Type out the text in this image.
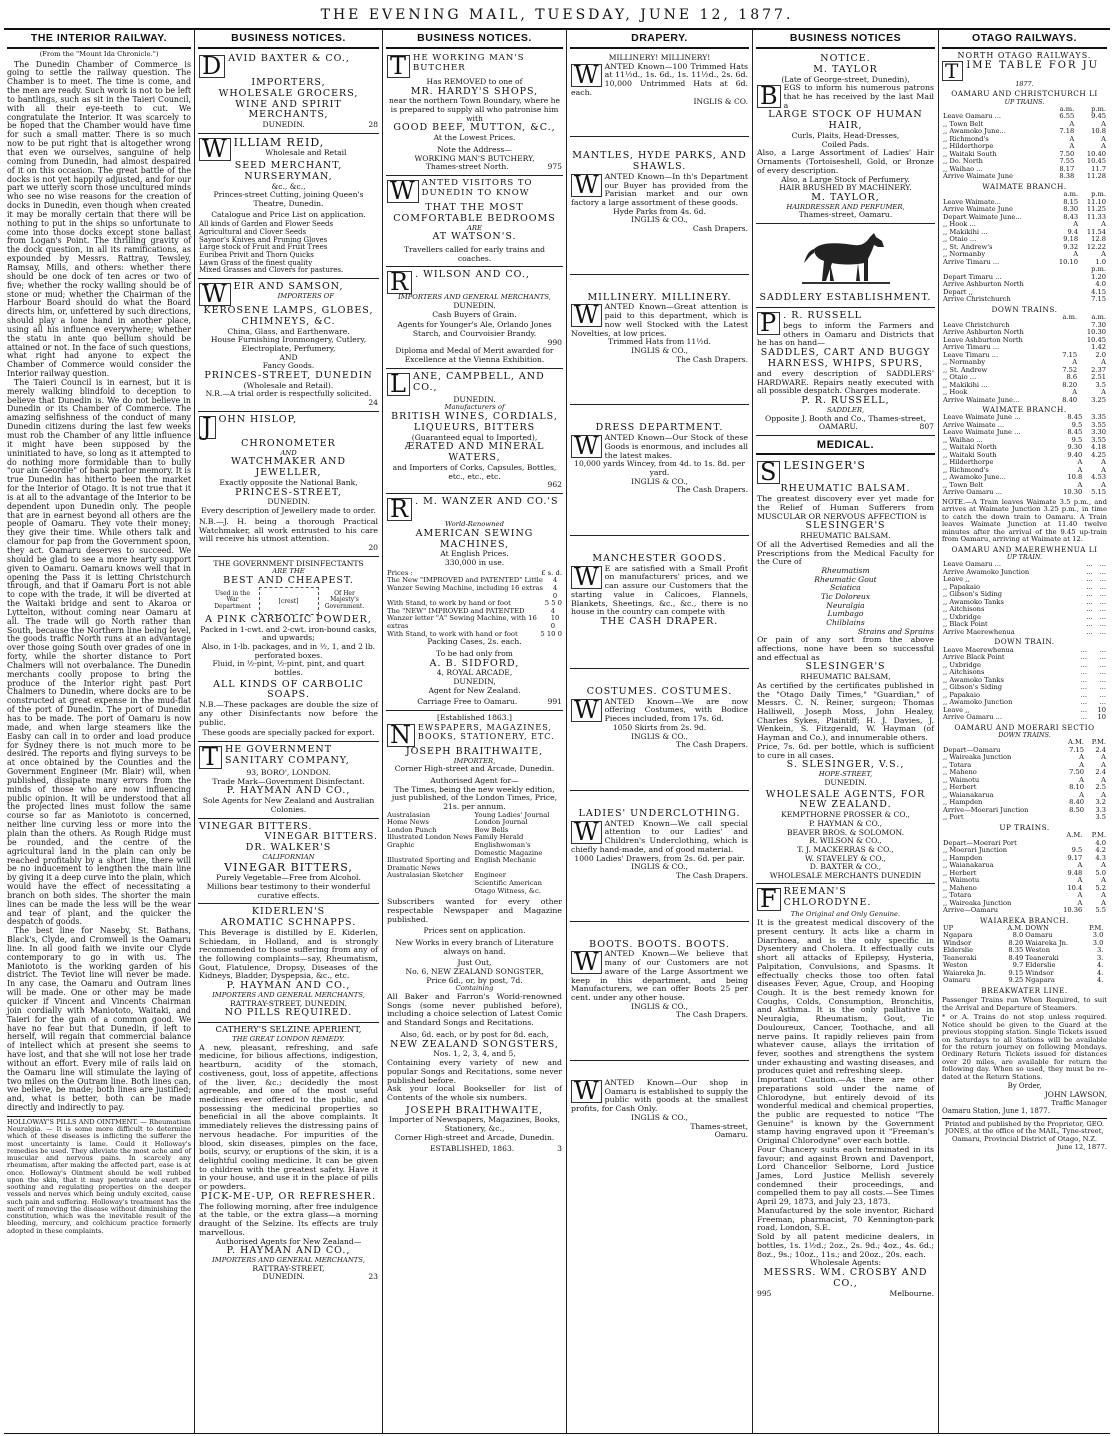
THE EVENING MAIL, TUESDAY, JUNE 12, 1877.
THE INTERIOR RAILWAY.

(From the "Mount Ida Chronicle.")

The Dunedin Chamber of Commerce is going to settle the railway question. The Chamber is to meet. The time is come, and the men are ready. Such work is not to be left to bantlings, such as sit in the Taieri Council, with all their eye-teeth to cut. We congratulate the Interior. It was scarcely to be hoped that the Chamber would have time for such a small matter. There is so much now to be put right that is altogether wrong that even we ourselves, sanguine of help coming from Dunedin, had almost despaired of it on this occasion. The great battle of the docks is not yet happily adjusted, and for our part we utterly scorn those uncultured minds who see no wise reasons for the creation of docks in Dunedin, even though when created it may be morally certain that there will be nothing to put in the ships so unfortunate to come into those docks except stone ballast from Logan's Point. The thrilling gravity of the dock question, in all its ramifications, as expounded by Messrs. Rattray, Tewsley, Ramsay, Mills, and others: whether there should be one dock of ten acres or two of five; whether the rocky walling should be of stone or mud; whether the Chairman of the Harbour Board should do what the Board directs him, or, unfettered by such directions, should play a lone hand in another place, using all his influence everywhere; whether the statu in ante quo bellum should be attained or not. In the face of such questions, what right had anyone to expect the Chamber of Commerce would consider the Interior railway question.

The Taieri Council is in earnest, but it is merely walking blindfold to deception to believe that Dunedin is. We do not believe in Dunedin or its Chamber of Commerce. The amazing selfishness of the conduct of many Dunedin citizens during the last few weeks must rob the Chamber of any little influence it might have been supposed by the uninitiated to have, so long as it attempted to do nothing more formidable than to bully "our ain Geordie" of bank parlor memory. It is true Dunedin has hitherto been the market for the Interior of Otago. It is not true that it is at all to the advantage of the Interior to be dependent upon Dunedin only. The people that are in earnest beyond all others are the people of Oamaru. They vote their money; they give their time. While others talk and clamour for pap from the Government spoon, they act. Oamaru deserves to succeed. We should be glad to see a more hearty support given to Oamaru. Oamaru knows well that in opening the Pass it is letting Christchurch through, and that if Oamaru Port is not able to cope with the trade, it will be diverted at the Waitaki bridge and sent to Akaroa or Lyttelton, without coming near Oamaru at all. The trade will go North rather than South, because the Northern line being level, the goods traffic North runs at an advantage over those going South over grades of one in forty, while the shorter distance to Port Chalmers will not overbalance. The Dunedin merchants coolly propose to bring the produce of the Interior right past Port Chalmers to Dunedin, where docks are to be constructed at great expense in the mud-flat of the port of Dunedin. The port of Dunedin has to be made. The port of Oamaru is now made, and when large steamers like the Easby can call in to order and load produce for Sydney there is not much more to be desired. The reports and flying surveys to be at once obtained by the Counties and the Government Engineer (Mr. Blair) will, when published, dissipate many errors from the minds of those who are now influencing public opinion. It will be understood that all the projected lines must follow the same course so far as Maniototo is concerned, neither line curving less or more into the plain than the others. As Rough Ridge must be rounded, and the centre of the agricultural land in the plain can only be reached profitably by a short line, there will be no inducement to lengthen the main line by giving it a deep curve into the plain, which would have the effect of necessitating a branch on both sides. The shorter the main lines can be made the less will be the wear and tear of plant, and the quicker the despatch of goods.

The best line for Naseby, St. Bathans, Black's, Clyde, and Cromwell is the Oamaru line. In all good faith we invite our Clyde contemporary to go in with us. The Maniototo is the working garden of his district. The Teviot line will never be made. In any case, the Oamaru and Outram lines will be made. One or other may be made quicker if Vincent and Vincents Chairman join cordially with Maniototo, Waitaki, and Taieri for the gain of a common good. We have no fear but that Dunedin, if left to herself, will regain that commercial balance of intellect which at present she seems to have lost, and that she will not lose her trade without an effort. Every mile of rails laid on the Oamaru line will stimulate the laying of two miles on the Outram line. Both lines can, we believe, be made; both lines are justified; and, what is better, both can be made directly and indirectly to pay.

HOLLOWAY'S PILLS AND OINTMENT. — Rheumatism Neuralgia. — It is some more difficult to determine which of these diseases is inflicting the sufferer the most uncertainty is lame. Could it Holloway's remedies be used. They alleviate the most ache and of muscular and nervous pains. In scarcely any rheumatism, after making the affected part, ease is at once. Holloway's Ointment should be well rubbed upon the skin, that it may penetrate and exert its soothing and regulating properties on the deeper vessels and nerves which being unduly excited, cause such pain and suffering. Holloway's treatment has the merit of removing the disease without diminishing the constitution, which was the inevitable result of the bleeding, mercury, and colchicum practice formerly adopted in these complaints.

BUSINESS NOTICES.
D AVID BAXTER & CO.,
IMPORTERS,
WHOLESALE GROCERS,
WINE AND SPIRIT MERCHANTS,
DUNEDIN.	28
W ILLIAM REID,
Wholesale and Retail
SEED MERCHANT, NURSERYMAN,
&c., &c.,
Princes-street Cutting, joining Queen's Theatre, Dunedin.
Catalogue and Price List on application.
All kinds of Garden and Flower Seeds
Agricultural and Clover Seeds
Saynor's Knives and Pruning Gloves
Large stock of Fruit and Fruit Trees
Euribea Privit and Thorn Quicks
Lawn Grass of the finest quality
Mixed Grasses and Clovers for pastures.
W EIR AND SAMSON,
IMPORTERS OF
KEROSENE LAMPS, GLOBES, CHIMNEYS, &C.
China, Glass, and Earthenware.
House Furnishing Ironmongery, Cutlery, Electroplate, Perfumery,
AND
Fancy Goods.
PRINCES-STREET, DUNEDIN
(Wholesale and Retail).
N.R.—A trial order is respectfully solicited.
24
J OHN HISLOP,
CHRONOMETER
AND
WATCHMAKER AND JEWELLER,
Exactly opposite the National Bank,
PRINCES-STREET,
DUNEDIN.
Every description of Jewellery made to order.
N.B.—J. H. being a thorough Practical Watchmaker, all work entrusted to his care will receive his utmost attention.
20
THE GOVERNMENT DISINFECTANTS
ARE THE
BEST AND CHEAPEST.
Used in the War Department
[crest]
Of Her Majesty's Government.
A PINK CARBOLIC POWDER,
Packed in 1-cwt. and 2-cwt. iron-bound casks, and upwards;
Also, in 1-lb. packages, and in ½, 1, and 2 lb. perforated boxes.
Fluid, in ½-pint, ½-pint, pint, and quart bottles.
ALL KINDS OF CARBOLIC SOAPS.
N.B.—These packages are double the size of any other Disinfectants now before the public.
These goods are specially packed for export.
T HE GOVERNMENT SANITARY COMPANY,
93, BORO', LONDON.
Trade Mark—Government Disinfectant.
P. HAYMAN AND CO.,
Sole Agents for New Zealand and Australian Colonies.
VINEGAR BITTERS.
VINEGAR BITTERS.
DR. WALKER'S
CALIFORNIAN
VINEGAR BITTERS,
Purely Vegetable—Free from Alcohol.
Millions bear testimony to their wonderful curative effects.
KIDERLEN'S
AROMATIC SCHNAPPS.
This Beverage is distilled by E. Kiderlen, Schiedam, in Holland, and is strongly recommended to those suffering from any of the following complaints—say, Rheumatism, Gout, Flatulence, Dropsy, Diseases of the Kidneys, Bladder, Dyspepsia, &c., etc.
P. HAYMAN AND CO.,
IMPORTERS AND GENERAL MERCHANTS,
RATTRAY-STREET, DUNEDIN.
NO PILLS REQUIRED.
CATHERY'S SELZINE APERIENT,
THE GREAT LONDON REMEDY.
A new, pleasant, refreshing, and safe medicine, for bilious affections, indigestion, heartburn, acidity of the stomach, costiveness, gout, loss of appetite, affections of the liver, &c.; decidedly the most agreeable, and one of the most useful medicines ever offered to the public, and possessing the medicinal properties so beneficial in all the above complaints. It immediately relieves the distressing pains of nervous headache. For impurities of the blood, skin diseases, pimples on the face, boils, scurvy, or eruptions of the skin, it is a delightful cooling medicine. It can be given to children with the greatest safety. Have it in your house, and use it in the place of pills or powders.
PICK-ME-UP, OR REFRESHER.
The following morning, after free indulgence at the table, or the extra glass—a morning draught of the Selzine. Its effects are truly marvellous.
Authorised Agents for New Zealand—
P. HAYMAN AND CO.,
IMPORTERS AND GENERAL MERCHANTS,
RATTRAY-STREET,
DUNEDIN.	23
BUSINESS NOTICES.
T HE WORKING MAN'S BUTCHER
Has REMOVED to one of
MR. HARDY'S SHOPS,
near the northern Town Boundary, where he is prepared to supply all who patronise him with
GOOD BEEF, MUTTON, &C.,
At the Lowest Prices.
Note the Address—
WORKING MAN'S BUTCHERY,
Thames-street North.	975
W ANTED VISITORS TO DUNEDIN TO KNOW
THAT THE MOST
COMFORTABLE BEDROOMS
ARE
AT WATSON'S.
Travellers called for early trains and coaches.
R . WILSON AND CO.,
IMPORTERS AND GENERAL MERCHANTS,
DUNEDIN.
Cash Buyers of Grain.
Agents for Younger's Ale, Orlando Jones Starch, and Courvoisier Brandy.
990
Diploma and Medal of Merit awarded for Excellence at the Vienna Exhibition.
L ANE, CAMPBELL, AND CO.,
DUNEDIN.
Manufacturers of
BRITISH WINES, CORDIALS, LIQUEURS, BITTERS
(Guaranteed equal to Imported),
ÆRATED AND MINERAL WATERS,
and Importers of Corks, Capsules, Bottles, etc., etc., etc.
962
R . M. WANZER AND CO.'S
World-Renowned
AMERICAN SEWING MACHINES,
At English Prices.
330,000 in use.
Prices :	£ s. d.
The New "IMPROVED and PATENTED" Little Wanzer Sewing Machine, including 16 extras
4 4 0
With Stand, to work by hand or foot	5 5 0
The "NEW" IMPROVED and PATENTED Wanzer letter "A" Sewing Machine, with 16 extras
4 10 0
With Stand, to work with hand or foot	5 10 0
Packing Cases, 2s. each.
To be had only from
A. B. SIDFORD,
4, ROYAL ARCADE,
DUNEDIN,
Agent for New Zealand.
Carriage Free to Oamaru.	991
[Established 1863.]
N EWSPAPERS, MAGAZINES, BOOKS, STATIONERY, ETC.
JOSEPH BRAITHWAITE,
IMPORTER,
Corner High-street and Arcade, Dunedin.
Authorised Agent for—
The Times, being the new weekly edition, just published, of the London Times, Price, 21s. per annum.
Australasian	Young Ladies' Journal
Home News	London Journal
London Punch	Bow Bells
Illustrated London News Family Herald
Graphic	Englishwoman's Domestic Magazine
Illustrated Sporting and Dramatic News
English Mechanic
Australasian Sketcher	Engineer
Scientific American
Otago Witness, &c.
Subscribers wanted for every other respectable Newspaper and Magazine published.
Prices sent on application.
New Works in every branch of Literature always on hand.
Just Out,
No. 6, NEW ZEALAND SONGSTER,
Price 6d., or, by post, 7d.
Containing
All Baker and Farron's World-renowned Songs (some never published before), including a choice selection of Latest Comic and Standard Songs and Recitations.
Also, 6d. each, or by post for 8d. each,
NEW ZEALAND SONGSTERS,
Nos. 1, 2, 3, 4, and 5,
Containing every variety of new and popular Songs and Recitations, some never published before.
Ask your local Bookseller for list of Contents of the whole six numbers.
JOSEPH BRAITHWAITE,
Importer of Newspapers, Magazines, Books, Stationery, &c.,
Corner High-street and Arcade, Dunedin.
ESTABLISHED, 1863.	3
DRAPERY.
MILLINERY! MILLINERY!
W ANTED Known—100 Trimmed Hats at 11½d., 1s. 6d., 1s. 11½d., 2s. 6d. 10,000 Untrimmed Hats at 6d. each.
INGLIS & CO.
MANTLES, HYDE PARKS, AND SHAWLS.
W ANTED Known—In th's Department our Buyer has provided from the Parisian market and our own factory a large assortment of these goods.
Hyde Parks from 4s. 6d.
INGLIS & CO.,
Cash Drapers.
MILLINERY. MILLINERY.
W ANTED Known—Great attention is paid to this department, which is now well Stocked with the Latest Novelties, at low prices.
Trimmed Hats from 11½d.
INGLIS & CO.,
The Cash Drapers.
DRESS DEPARTMENT.
W ANTED Known—Our Stock of these Goods is enormous, and includes all the latest makes.
10,000 yards Wincey, from 4d. to 1s. 8d. per yard.
INGLIS & CO.,
The Cash Drapers.
MANCHESTER GOODS.
W E are satisfied with a Small Profit on manufacturers' prices, and we can assure our Customers that the starting value in Calicoes, Flannels, Blankets, Sheetings, &c., &c., there is no house in the country can compete with
THE CASH DRAPER.
COSTUMES. COSTUMES.
W ANTED Known—We are now offering Costumes, with Bodice Pieces included, from 17s. 6d.
1050 Skirts from 2s. 9d.
INGLIS & CO.,
The Cash Drapers.
LADIES' UNDERCLOTHING.
W ANTED Known—We call special attention to our Ladies' and Children's Underclothing, which is chiefly hand-made, and of good material.
1000 Ladies' Drawers, from 2s. 6d. per pair.
INGLIS & CO.,
The Cash Drapers.
BOOTS. BOOTS. BOOTS.
W ANTED Known—We believe that many of our Customers are not aware of the Large Assortment we keep in this department, and being Manufacturers, we can offer Boots 25 per cent. under any other house.
INGLIS & CO.,
The Cash Drapers.
W ANTED Known—Our shop in Oamaru is established to supply the public with goods at the smallest profits, for Cash Only.
INGLIS & CO.,
Thames-street,
Oamaru.
BUSINESS NOTICES
NOTICE.
M. TAYLOR
(Late of George-street, Dunedin),
B EGS to inform his numerous patrons that he has received by the last Mail a
LARGE STOCK OF HUMAN HAIR,
Curls, Plaits, Head-Dresses,
Coiled Pads.
Also, a Large Assortment of Ladies' Hair Ornaments (Tortoiseshell, Gold, or Bronze of every description.
Also, a Large Stock of Perfumery.
HAIR BRUSHED BY MACHINERY.
M. TAYLOR,
HAIRDRESSER AND PERFUMER,
Thames-street, Oamaru.
SADDLERY ESTABLISHMENT.
P . R. RUSSELL
begs to inform the Farmers and others in Oamaru and Districts that he has on hand—
SADDLES, CART AND BUGGY HARNESS, WHIPS, SPURS,
and every description of SADDLERS' HARDWARE. Repairs neatly executed with all possible despatch. Charges moderate.
P. R. RUSSELL,
SADDLER,
Opposite J. Booth and Co., Thames-street,
OAMARU.	807
MEDICAL.
S LESINGER'S
RHEUMATIC BALSAM.
The greatest discovery ever yet made for the Relief of Human Sufferers from MUSCULAR OR NERVOUS AFFECTION is
SLESINGER'S
RHEUMATIC BALSAM.
Of all the Advertised Remedies and all the Prescriptions from the Medical Faculty for the Cure of
Rheumatism
Rheumatic Gout
Sciatica
Tic Doloreux
Neuralgia
Lumbago
Chilblains
Strains and Sprains
Or pain of any sort from the above affections, none have been so successful and effectual as
SLESINGER'S
RHEUMATIC BALSAM,
As certified by the certificates published in the "Otago Daily Times," "Guardian," of Messrs. C. N. Reiner, surgeon; Thomas Halliwell, Joseph Moss, John Healey, Charles Sykes, Plaintiff; H. J. Davies, J. Wenkein, S. Fitzgerald, W. Hayman (of Hayman and Co.), and innumerable others.
Price, 7s. 6d. per bottle, which is sufficient to cure in all cases.
S. SLESINGER, V.S.,
HOPE-STREET,
DUNEDIN.
WHOLESALE AGENTS, FOR NEW ZEALAND.
KEMPTHORNE PROSSER & CO.,
P. HAYMAN & CO.,
BEAVER BROS. & SOLOMON.
R. WILSON & CO.,
T. J. MACKERRAS & CO.,
W. STAVELEY & CO.,
D. BAXTER & CO.,
WHOLESALE MERCHANTS DUNEDIN
F REEMAN'S CHLORODYNE.
The Original and Only Genuine.
It is the greatest medical discovery of the present century. It acts like a charm in Diarrhoea, and is the only specific in Dysentery and Cholera. It effectually cuts short all attacks of Epilepsy, Hysteria, Palpitation, Convulsions, and Spasms. It effectually checks those too often fatal diseases Fever, Ague, Croup, and Hooping Cough. It is the best remedy known for Coughs, Colds, Consumption, Bronchitis, and Asthma. It is the only palliative in Neuralgia, Rheumatism, Gout, Tic Douloureux, Cancer, Toothache, and all nerve pains. It rapidly relieves pain from whatever cause, allays the irritation of fever, soothes and strengthens the system under exhausting and wasting diseases, and produces quiet and refreshing sleep.
Important Caution.—As there are other preparations sold under the name of Chlorodyne, but entirely devoid of its wonderful medical and chemical properties, the public are requested to notice "The Genuine" is known by the Government stamp having engraved upon it "Freeman's Original Chlorodyne" over each bottle.
Four Chancery suits each terminated in its favour; and against Brown and Davenport, Lord Chancellor Selborne, Lord Justice James, Lord Justice Mellish severely condemned their proceedings, and compelled them to pay all costs.—See Times April 29, 1873, and July 23, 1873.
Manufactured by the sole inventor, Richard Freeman, pharmacist, 70 Kennington-park road, London, S.E.
Sold by all patent medicine dealers, in bottles, 1s. 1½d.; 2oz., 2s. 9d.; 4oz., 4s. 6d.; 8oz., 9s.; 10oz., 11s.; and 20oz., 20s. each.
Wholesale Agents:
MESSRS. WM. CROSBY AND CO.,
995	Melbourne.
OTAGO RAILWAYS.
NORTH OTAGO RAILWAYS.
T IME TABLE FOR JU
1877.
OAMARU AND CHRISTCHURCH LI
UP TRAINS.
	a.m.	p.m.
Leave Oamaru ...	6.55	9.45
,, Town Belt	A	A
,, Awamoko June...	7.18	10.8
,, Richmond's	A	A
,, Hilderthorpe	A	A
,, Waitaki South	7.50	10.40
,, Do. North	7.55	10.45
,, Waihao ...	8.17	11.7
Arrive Waimate June	8.38	11.28
WAIMATE BRANCH.
	a.m.	p.m.
Leave Waimate...	8.15	11.10
Arrive Waimate June	8.30	11.25

Depart Waimate June...	8.43	11.33
,, Hook ...	A	A
,, Makikihi ...	9.4	11.54
,, Otaio ...	9.18	12.8
,, St. Andrew's	9.32	12.22
,, Normanby	A	A
Arrive Timaru ...	10.10	1.0
		p.m.
Depart Timaru ...		1.20
Arrive Ashburton North		4.0
Depart ,,		4.15
Arrive Christchurch		7.15
DOWN TRAINS.
	a.m.	a.m.
Leave Christchurch		7.30
Arrive Ashburton North		10.30
Leave Ashburton North		10.45
Arrive Timaru ...		1.42
Leave Timaru ...	7.15	2.0
,, Normanby	A	A
,, St. Andrew	7.52	2.37
,, Otaio ...	8.6	2.51
,, Makikihi ...	8.20	3.5
,, Hook	A	A
Arrive Waimate June...	8.40	3.25
WAIMATE BRANCH.

Leave Waimate June ...	8.45	3.35
Arrive Waimate ...	9.5	3.55

Leave Waimate June ...	8.45	3.30
,, Waihao ...	9.5	3.55
,, Waitaki North	9.30	4.18
,, Waitaki South	9.40	4.25
,, Hilderthorpe	A	A
,, Richmond's	A	A
,, Awamoko June...	10.8	4.53
,, Town Belt	A	A
Arrive Oamaru ...	10.30	5.15
NOTE.—A Train leaves Waimate 3.5 p.m., and arrives at Waimate Junction 3.25 p.m., in time to catch the down train to Oamaru. A Train leaves Waimate Junction at 11.40 twelve minutes after the arrival of the 9.45 up-train from Oamaru, arriving at Waimate at 12.
OAMARU AND MAEREWHENUA LI
UP TRAIN.
Leave Oamaru ...	...	...
Arrive Awamoko Junction	...	...
Leave ,,	...	...
,, Papakaio	...	...
,, Gibson's Siding	...	...
,, Awamoko Tanks	...	...
,, Aitchisons	...	...
,, Uxbridge	...	...
,, Black Point	...	...
Arrive Maerewhenua	...	...
DOWN TRAIN.
Leave Maerewhenua	...	...
Arrive Black Point	...	...
,, Uxbridge	...	...
,, Aitchisons	...	...
,, Awamoko Tanks	...	...
,, Gibson's Siding	...	...
,, Papakaio	...	...
,, Awamoko Junction	...	...
Leave ,,	...	10
Arrive Oamaru ...	...	10
OAMARU AND MOERARI SECTIO
DOWN TRAINS.
	A.M.	P.M.
Depart—Oamaru	7.15	2.4
,, Waireaka Junction	A	A
,, Totara	A	A
,, Maheno	7.50	2.4
,, Waimotu	A	A
,, Herbert	8.10	2.5
,, Waianakarua	A	A
,, Hampden	8.40	3.2
Arrive—Moerari Junction	8.50	3.3
,, Port		3.5
UP TRAINS.
	A.M.	P.M.
Depart—Moerari Port		4.0
,, Moerari Junction	9.5	4.2
,, Hampden	9.17	4.3
,, Waianakarua	A	A
,, Herbert	9.48	5.0
,, Waimotu	A	A
,, Maheno	10.4	5.2
,, Totara	A	A
,, Waireaka Junction	A	A
Arrive—Oamaru	10.36	5.5
WAIAREKA BRANCH.
UP	A.M.	DOWN	P.M.	
Ngapara	8.0	Oamaru	3.0	
Windsor	8.20	Waiareka Jn.	3.0	
Elderslie	8.35	Weston	3.	
Teaneraki	8.49	Teaneraki	3.	
Weston	9.7	Elderslie	4.	
Waiareka Jn.	9.15	Windsor	4.	
Oamaru	9.25	Ngapara	4.	
BREAKWATER LINE.
Passenger Trains run When Required, to suit the Arrival and Departure of Steamers.
* or A. Trains do not stop unless required. Notice should be given to the Guard at the previous stopping station. Single Tickets issued on Saturdays to all Stations will be available for the return journey on following Mondays. Ordinary Return Tickets issued for distances over 20 miles, are available for return the following day. When so used, they must be re-dated at the Return Stations.
By Order,
JOHN LAWSON,
Traffic Manager
Oamaru Station, June 1, 1877.
Printed and published by the Proprietor, GEO. JONES, at the office of the MAIL, Tyne-street, Oamaru, Provincial District of Otago, N.Z.
June 12, 1877.
